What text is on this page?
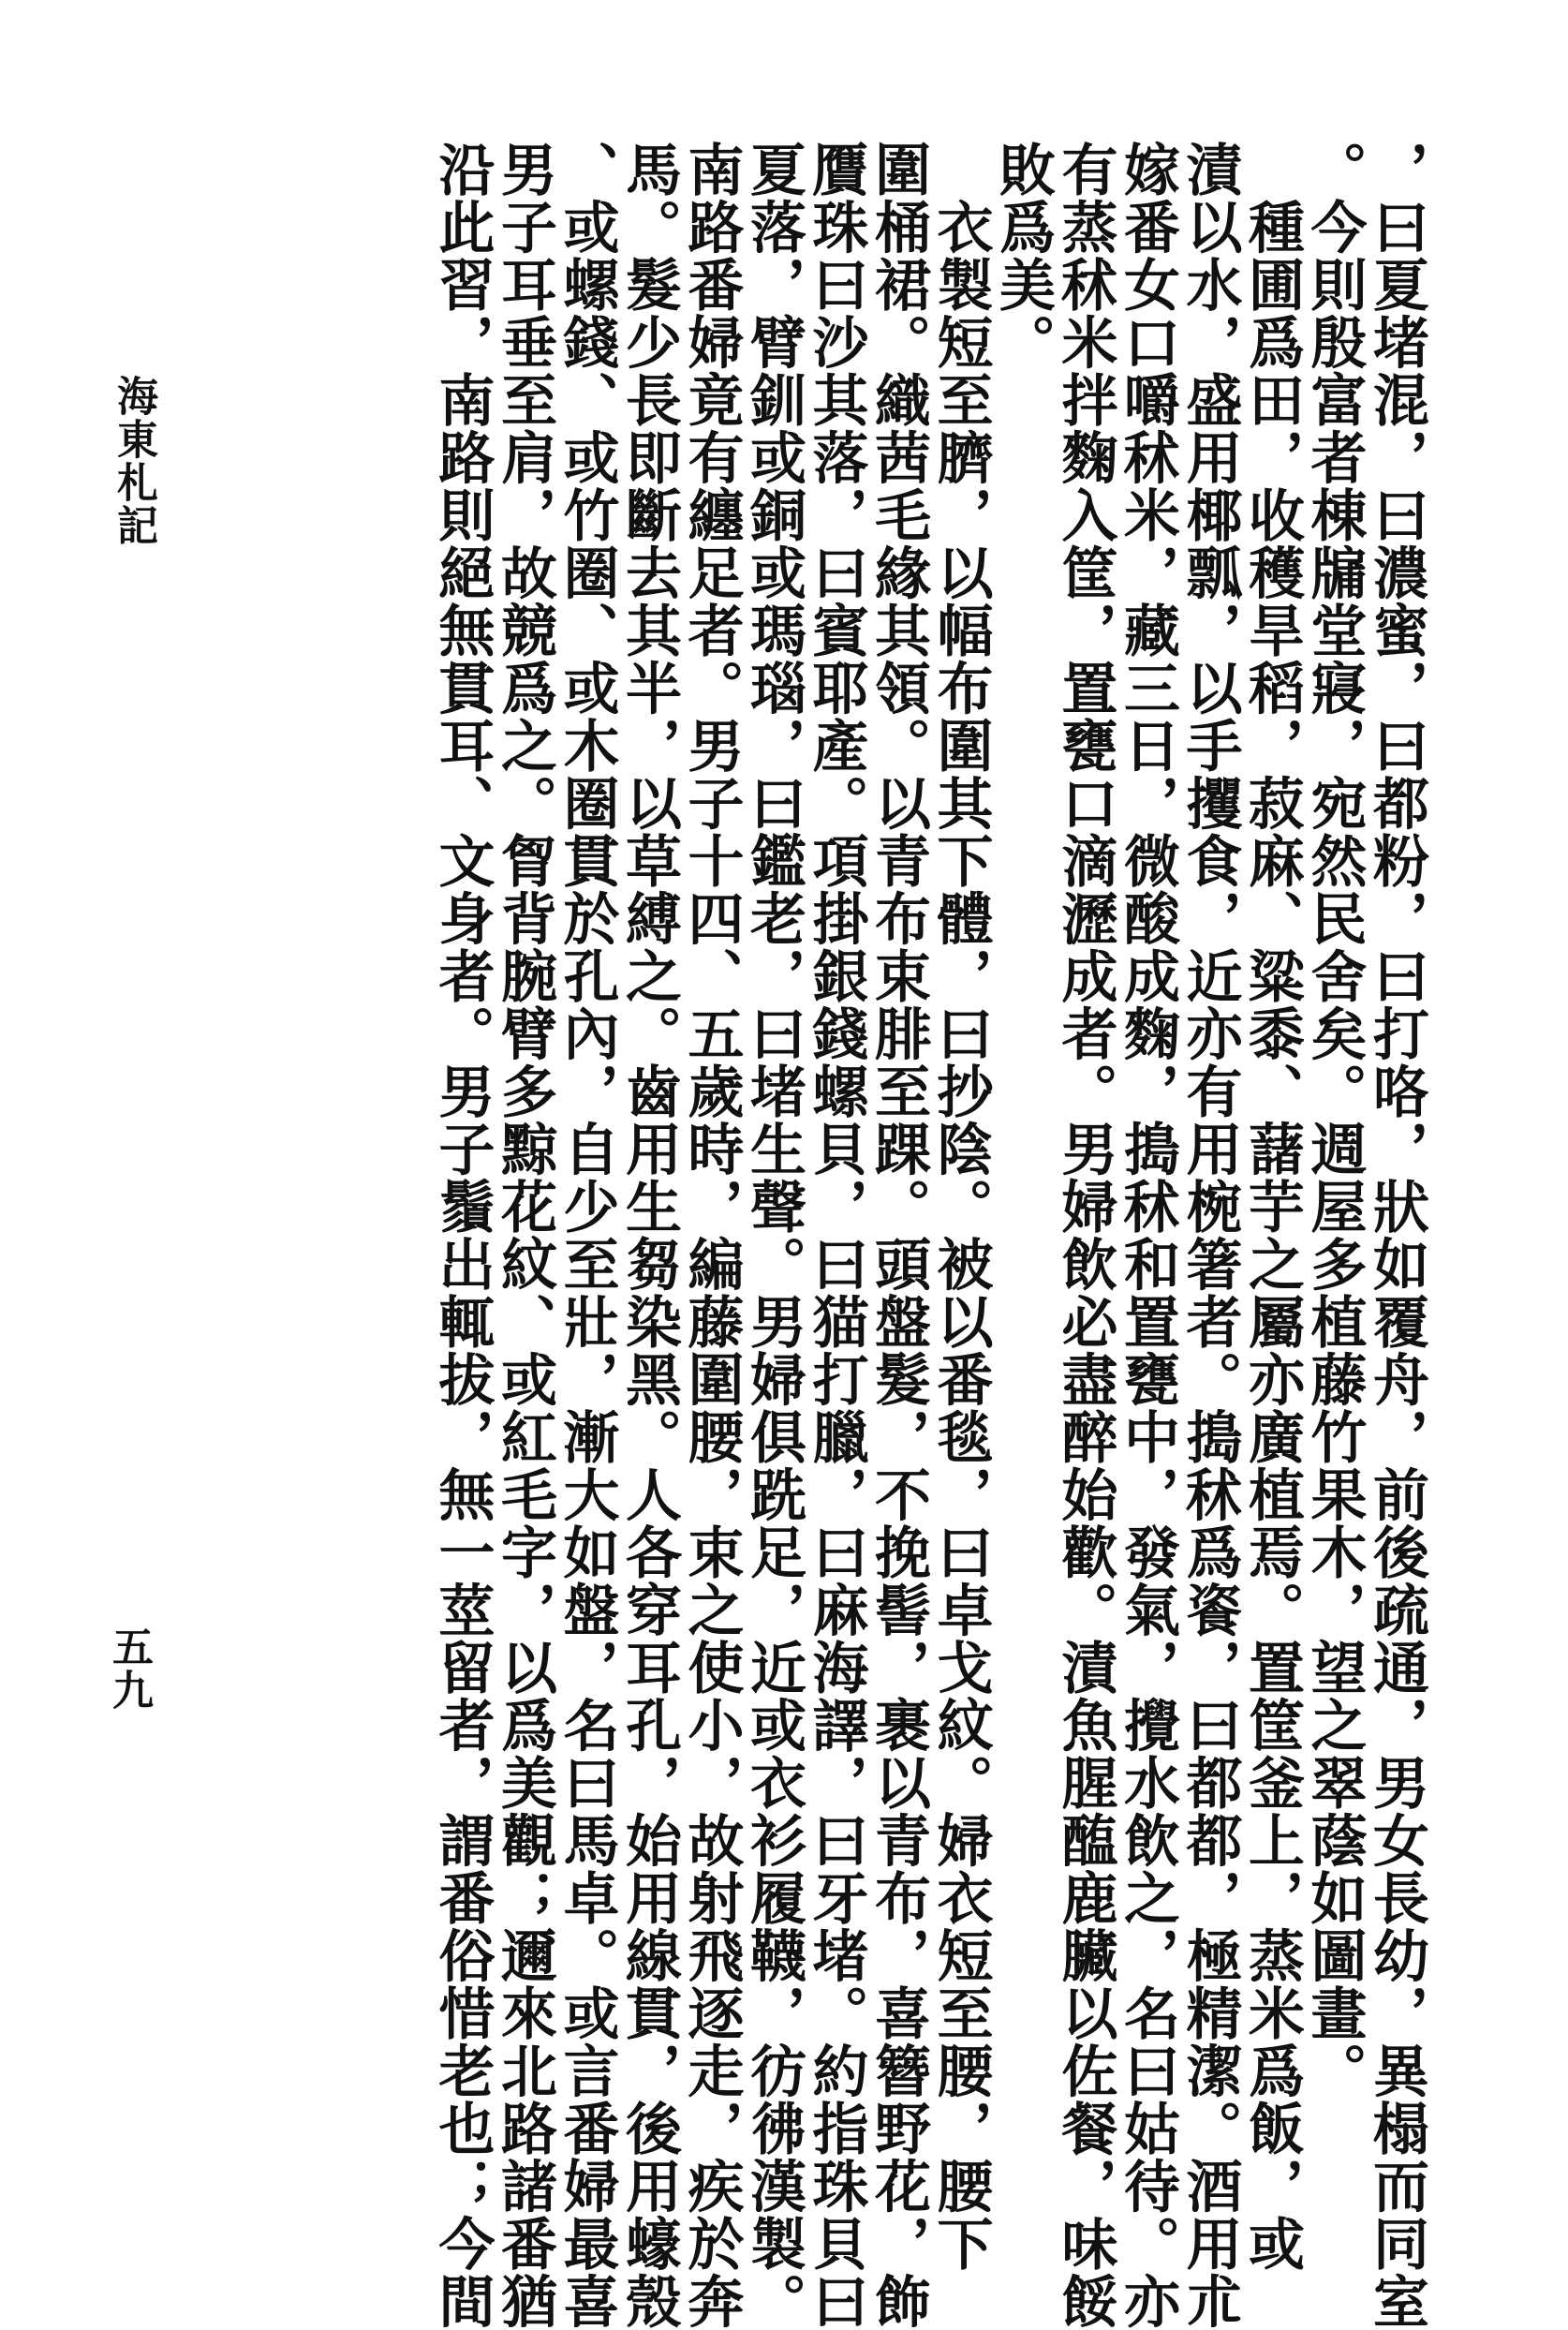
，曰夏堵混，曰濃蜜，曰都粉，曰打咯，狀如覆舟，前後疏通，男女長幼，異榻而同室
。今則殷富者棟牖堂寢，宛然民舍矣。週屋多植藤竹果木，望之翠蔭如圖畫。
　種圃爲田，收穫旱稻，菽麻、粱黍、藷芋之屬亦廣植焉。置筐釜上，蒸米爲飯，或
漬以水，盛用椰瓢，以手攫食，近亦有用椀箸者。搗秫爲餈，曰都都，極精潔。酒用朮
嫁番女口嚼秫米，藏三日，微酸成麴，搗秫和置甕中，發氣，攪水飲之，名曰姑待。亦
有蒸秫米拌麴入筐，置甕口滴瀝成者。男婦飲必盡醉始歡。漬魚腥醢鹿臟以佐餐，味餒
敗爲美。
　衣製短至臍，以幅布圍其下體，曰抄陰。被以番毯，曰卓戈紋。婦衣短至腰，腰下
圍桶裙。織茜毛緣其領。以青布束腓至踝。頭盤髮，不挽髻，裹以青布，喜簪野花，飾
贋珠曰沙其落，曰賓耶產。項掛銀錢螺貝，曰猫打臘，曰麻海譯，曰牙堵。約指珠貝曰
夏落，臂釧或銅或瑪瑙，曰鑑老，曰堵生聲。男婦俱跣足，近或衣衫履韈，彷彿漢製。
南路番婦竟有纏足者。男子十四、五歲時，編藤圍腰，束之使小，故射飛逐走，疾於奔
馬。髮少長即斷去其半，以草縛之。齒用生芻染黑。人各穿耳孔，始用線貫，後用蠔殼
、或螺錢、或竹圈、或木圈貫於孔內，自少至壯，漸大如盤，名曰馬卓。或言番婦最喜
男子耳垂至肩，故競爲之。胷背腕臂多黥花紋、或紅毛字，以爲美觀；邇來北路諸番猶
沿此習，南路則絕無貫耳、文身者。男子鬚出輒拔，無一莖留者，謂番俗惜老也；今間
海東札記
五九
